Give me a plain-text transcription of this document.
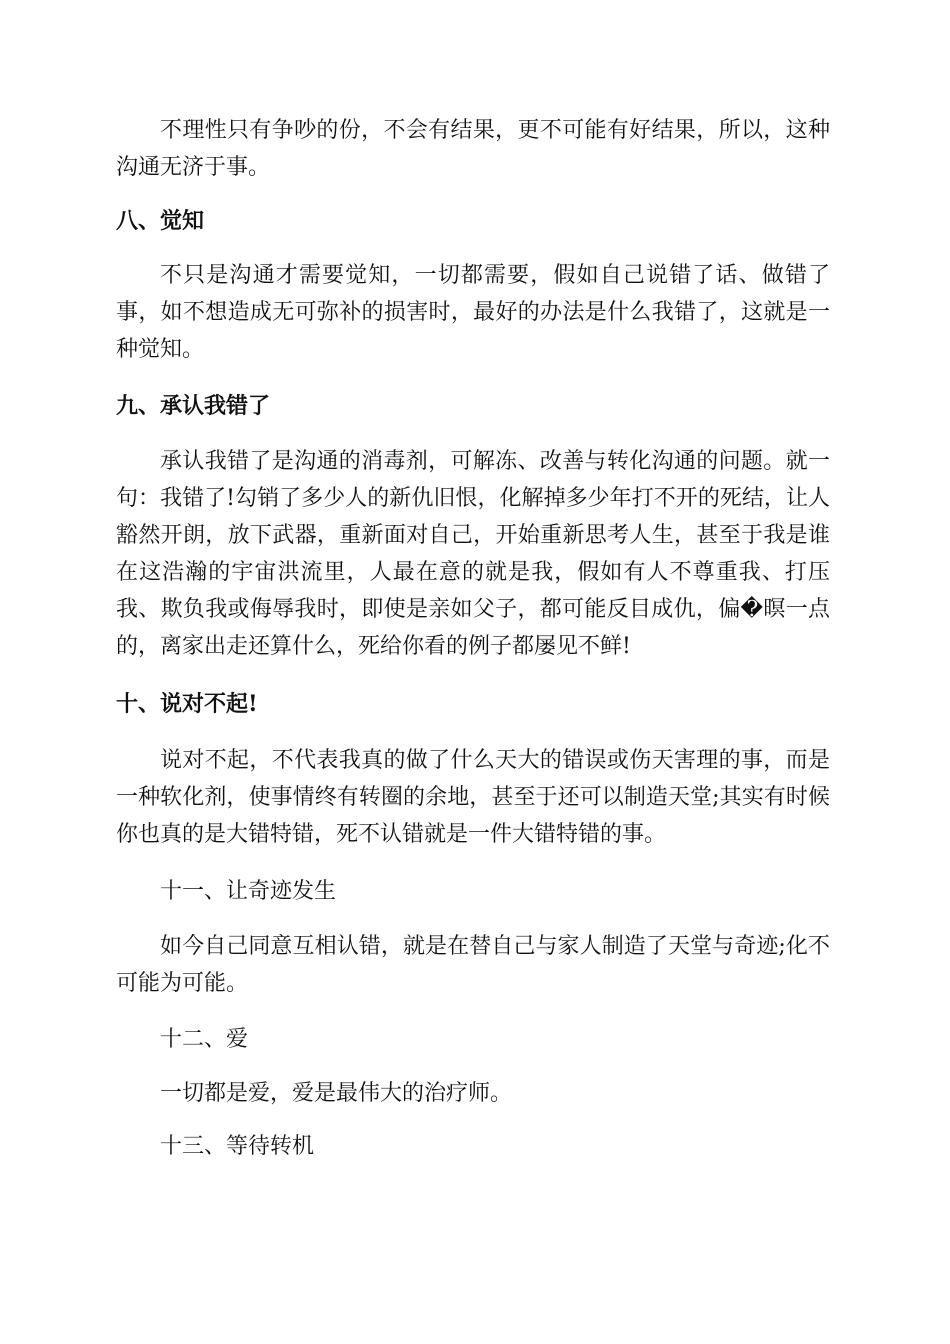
不理性只有争吵的份，不会有结果，更不可能有好结果，所以，这种沟通无济于事。

八、觉知

不只是沟通才需要觉知，一切都需要，假如自己说错了话、做错了事，如不想造成无可弥补的损害时，最好的办法是什么我错了，这就是一种觉知。

九、承认我错了

承认我错了是沟通的消毒剂，可解冻、改善与转化沟通的问题。就一句：我错了!勾销了多少人的新仇旧恨，化解掉多少年打不开的死结，让人豁然开朗，放下武器，重新面对自己，开始重新思考人生，甚至于我是谁在这浩瀚的宇宙洪流里，人最在意的就是我，假如有人不尊重我、打压我、欺负我或侮辱我时，即使是亲如父子，都可能反目成仇，偏�暝一点的，离家出走还算什么，死给你看的例子都屡见不鲜!

十、说对不起!

说对不起，不代表我真的做了什么天大的错误或伤天害理的事，而是一种软化剂，使事情终有转圈的余地，甚至于还可以制造天堂;其实有时候你也真的是大错特错，死不认错就是一件大错特错的事。

十一、让奇迹发生

如今自己同意互相认错，就是在替自己与家人制造了天堂与奇迹;化不可能为可能。

十二、爱

一切都是爱，爱是最伟大的治疗师。

十三、等待转机
